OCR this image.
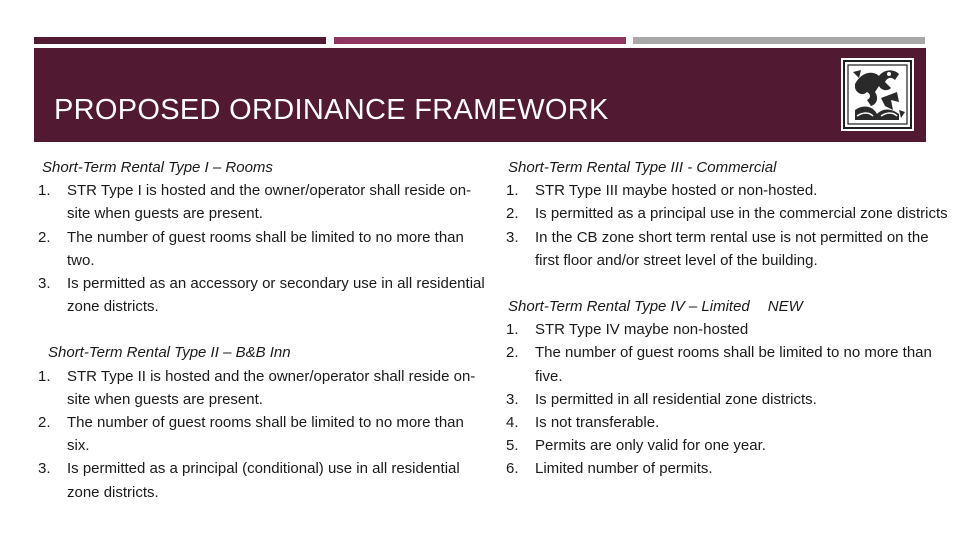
PROPOSED ORDINANCE FRAMEWORK

Short-Term Rental Type I – Rooms

1. STR Type I is hosted and the owner/operator shall reside on-site when guests are present.
2. The number of guest rooms shall be limited to no more than two.
3. Is permitted as an accessory or secondary use in all residential zone districts.

Short-Term Rental Type II – B&B Inn

1. STR Type II is hosted and the owner/operator shall reside on-site when guests are present.
2. The number of guest rooms shall be limited to no more than six.
3. Is permitted as a principal (conditional) use in all residential zone districts.

Short-Term Rental Type III - Commercial

1. STR Type III maybe hosted or non-hosted.
2. Is permitted as a principal use in the commercial zone districts
3. In the CB zone short term rental use is not permitted on the first floor and/or street level of the building.

Short-Term Rental Type IV – Limited NEW

1. STR Type IV maybe non-hosted
2. The number of guest rooms shall be limited to no more than five.
3. Is permitted in all residential zone districts.
4. Is not transferable.
5. Permits are only valid for one year.
6. Limited number of permits.
